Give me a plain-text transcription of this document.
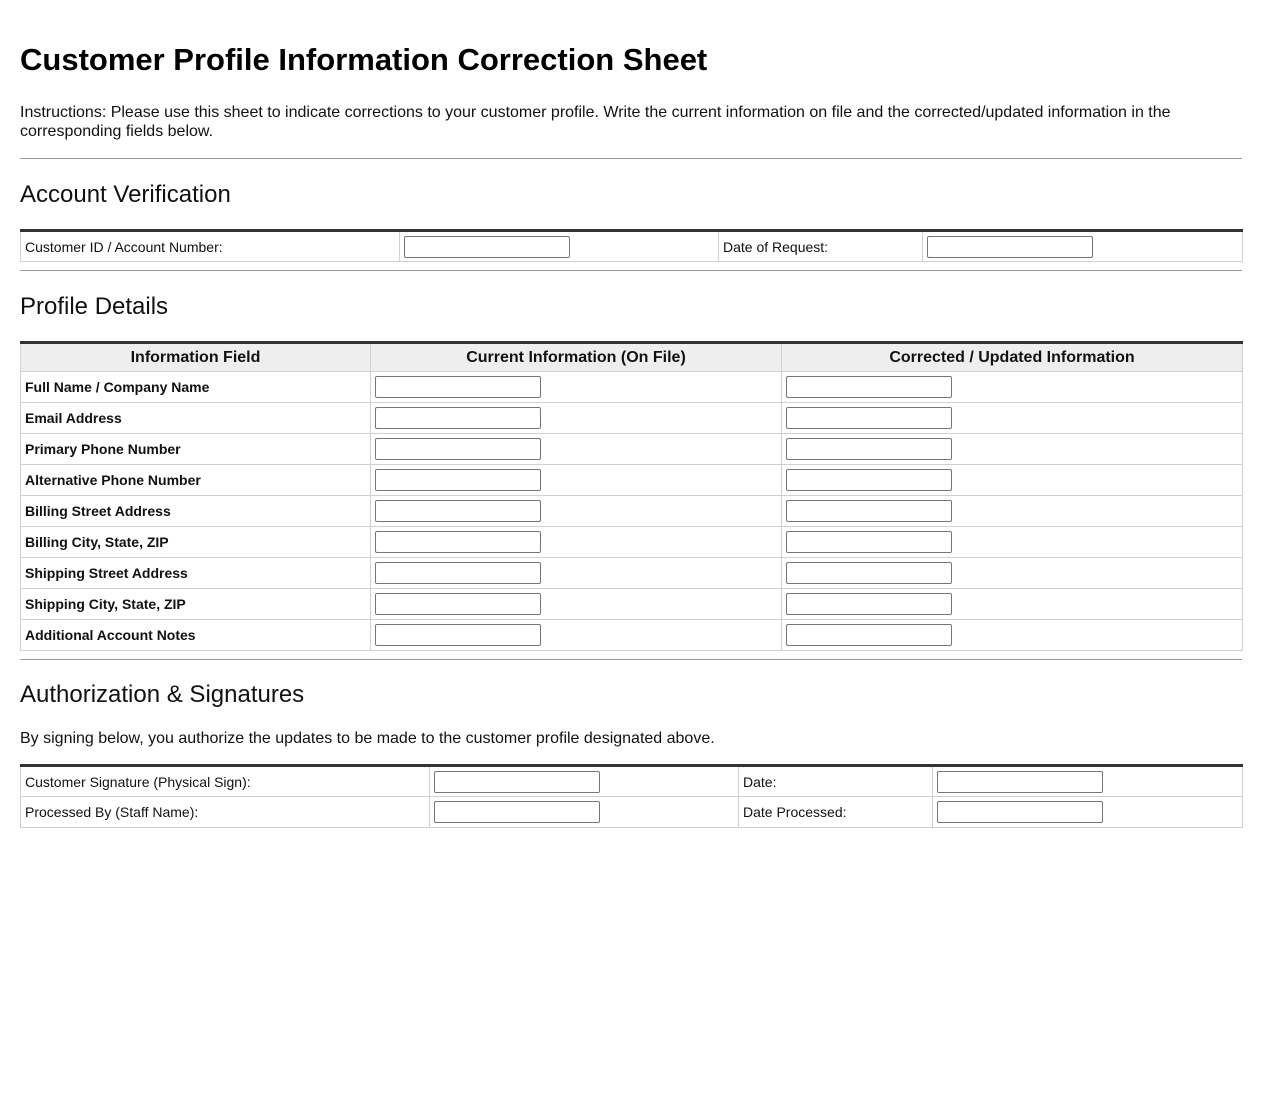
Customer Profile Information Correction Sheet

Instructions: Please use this sheet to indicate corrections to your customer profile. Write the current information on file and the corrected/updated information in the corresponding fields below.

Account Verification
Customer ID / Account Number:		Date of Request:	
Profile Details
Information Field	Current Information (On File)	Corrected / Updated Information
Full Name / Company Name		
Email Address		
Primary Phone Number		
Alternative Phone Number		
Billing Street Address		
Billing City, State, ZIP		
Shipping Street Address		
Shipping City, State, ZIP		
Additional Account Notes		
Authorization & Signatures

By signing below, you authorize the updates to be made to the customer profile designated above.

Customer Signature (Physical Sign):		Date:	
Processed By (Staff Name):		Date Processed:	
